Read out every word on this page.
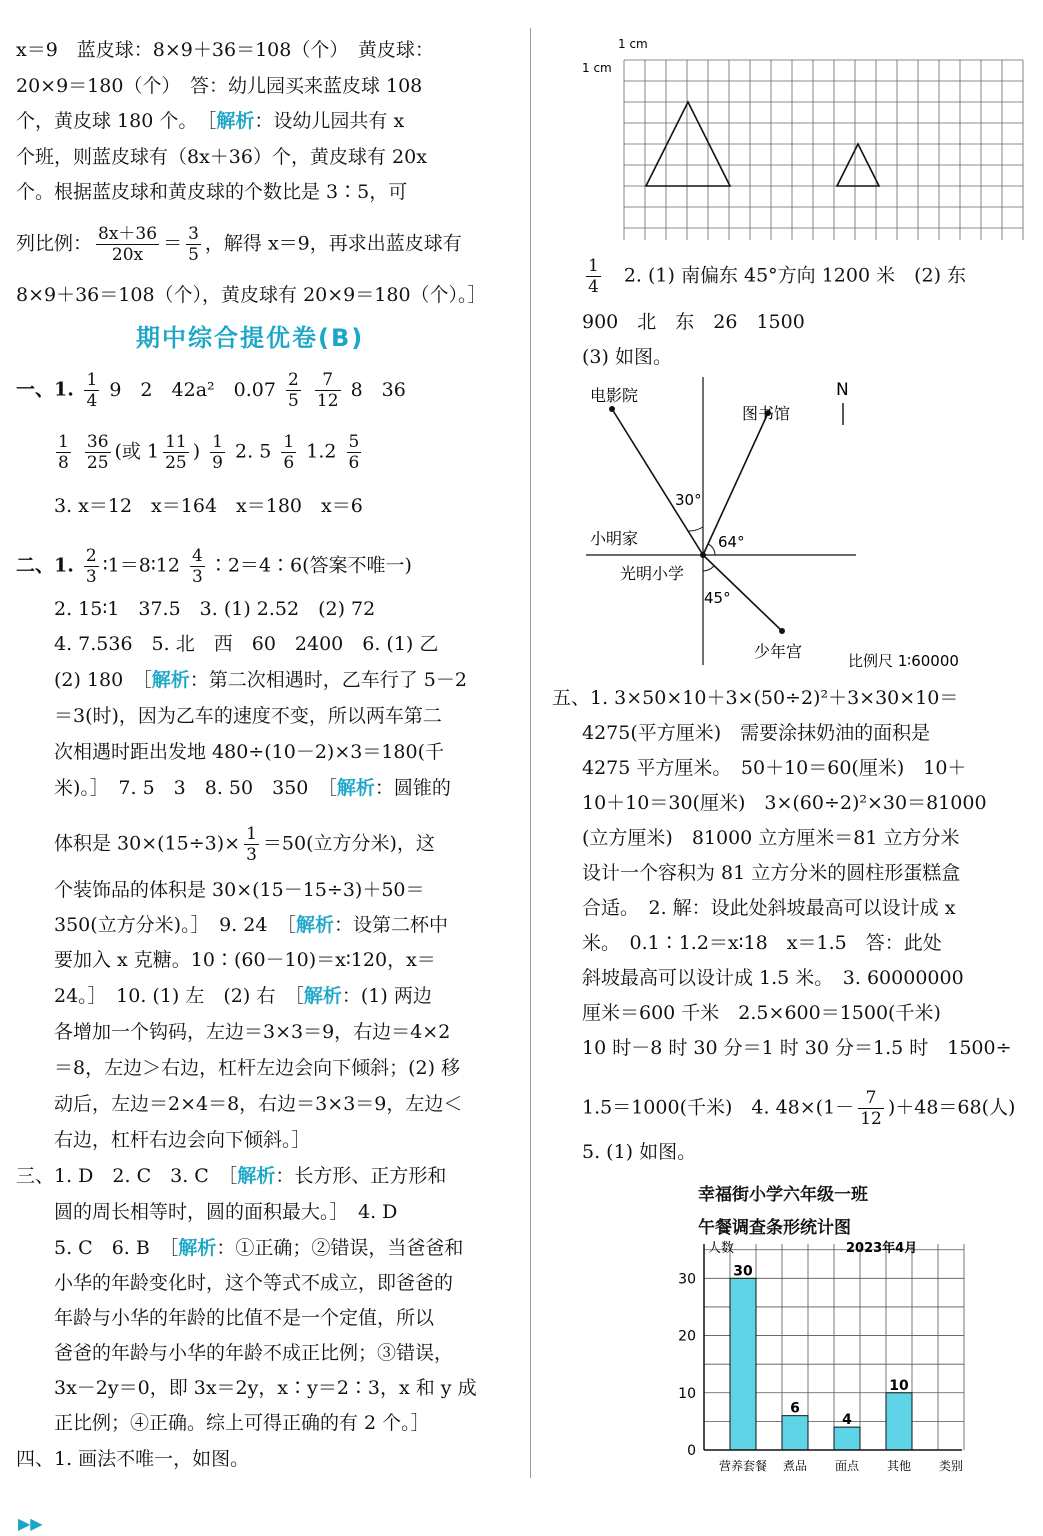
x＝9　蓝皮球：8×9＋36＝108（个）　黄皮球：
20×9＝180（个）　答：幼儿园买来蓝皮球 108
个，黄皮球 180 个。　 ［解析：设幼儿园共有 x
个班，则蓝皮球有（8x＋36）个，黄皮球有 20x
个。根据蓝皮球和黄皮球的个数比是 3∶5，可
列比例： $\frac{8x+36}{20x} = \frac{3}{5}$ ，解得 x＝9，再求出蓝皮球有
8×9＋36＝108（个），黄皮球有 20×9＝180（个）。］
期中综合提优卷(B)
一、1. $\frac{1}{4} 9$　2　42a²　$0.07 \frac{2}{5}$
$\frac{7}{12} 8$　36
$\frac{1}{8}$
$\frac{36}{25}$ (或 $1 \frac{11}{25}$ ) $\frac{1}{9} 2$. $5 \frac{1}{6} 1.2 \frac{5}{6}$
3. x＝12　x＝164　x＝180　x＝6
二、1. $\frac{2}{3}$ ∶1＝8∶12 $\frac{4}{3}$ ∶2＝4∶6(答案不唯一)
2. 15∶1　37.5　3. (1) 2.52　(2) 72
4. 7.536　5. 北　西　60　2400　6. (1) 乙
(2) 180　［解析：第二次相遇时，乙车行了 5－2
＝3(时)，因为乙车的速度不变，所以两车第二
次相遇时距出发地 480÷(10－2)×3＝180(千
米)。］　7. 5　3　8. 50　350　［解析：圆锥的
体积是 $30\times(15\div 3)\times \frac{1}{3} =50$(立方分米)，这
个装饰品的体积是 30×(15－15÷3)＋50＝
350(立方分米)。］　9. 24　［解析：设第二杯中
要加入 x 克糖。10∶(60－10)＝x∶120，x＝
24。］　10. (1) 左　(2) 右　［解析：(1) 两边
各增加一个钩码，左边＝3×3＝9，右边＝4×2
＝8，左边＞右边，杠杆左边会向下倾斜；(2) 移
动后，左边＝2×4＝8，右边＝3×3＝9，左边＜
右边，杠杆右边会向下倾斜。］
三、1. D　2. C　3. C　［解析：长方形、正方形和
圆的周长相等时，圆的面积最大。］　4. D
5. C　6. B　［解析：①正确；②错误，当爸爸和
小华的年龄变化时，这个等式不成立，即爸爸的
年龄与小华的年龄的比值不是一个定值，所以
爸爸的年龄与小华的年龄不成正比例；③错误，
3x－2y＝0，即 3x＝2y，x∶y＝2∶3，x 和 y 成
正比例；④正确。综上可得正确的有 2 个。］
四、1. 画法不唯一，如图。
1 cm
1 cm
$\frac{1}{4}$
　 2. (1) 南偏东 45°方向 1200 米　(2) 东
900　北　东　26　1500
(3) 如图。
N
电影院
图书馆
小明家
光明小学
少年宫
30°
64°
45°
比例尺 1∶60000
五、1. 3×50×10＋3×(50÷2)²＋3×30×10＝
4275(平方厘米)　需要涂抹奶油的面积是
4275 平方厘米。　50＋10＝60(厘米)　10＋
10＋10＝30(厘米)　3×(60÷2)²×30＝81000
(立方厘米)　81000 立方厘米＝81 立方分米
设计一个容积为 81 立方分米的圆柱形蛋糕盒
合适。　2. 解：设此处斜坡最高可以设计成 x
米。　0.1∶1.2＝x∶18　x＝1.5　答：此处
斜坡最高可以设计成 1.5 米。　3. 60000000
厘米＝600 千米　2.5×600＝1500(千米)
10 时－8 时 30 分＝1 时 30 分＝1.5 时　1500÷
1.5＝1000(千米)　4. $48\times(1- \frac{7}{12} )+48=68$(人)
5. (1) 如图。
幸福街小学六年级一班
午餐调查条形统计图
0
10
20
30	30
6
4
10
营养套餐 煮品 面点 其他 类别
人数	2023年4月
▶▶
